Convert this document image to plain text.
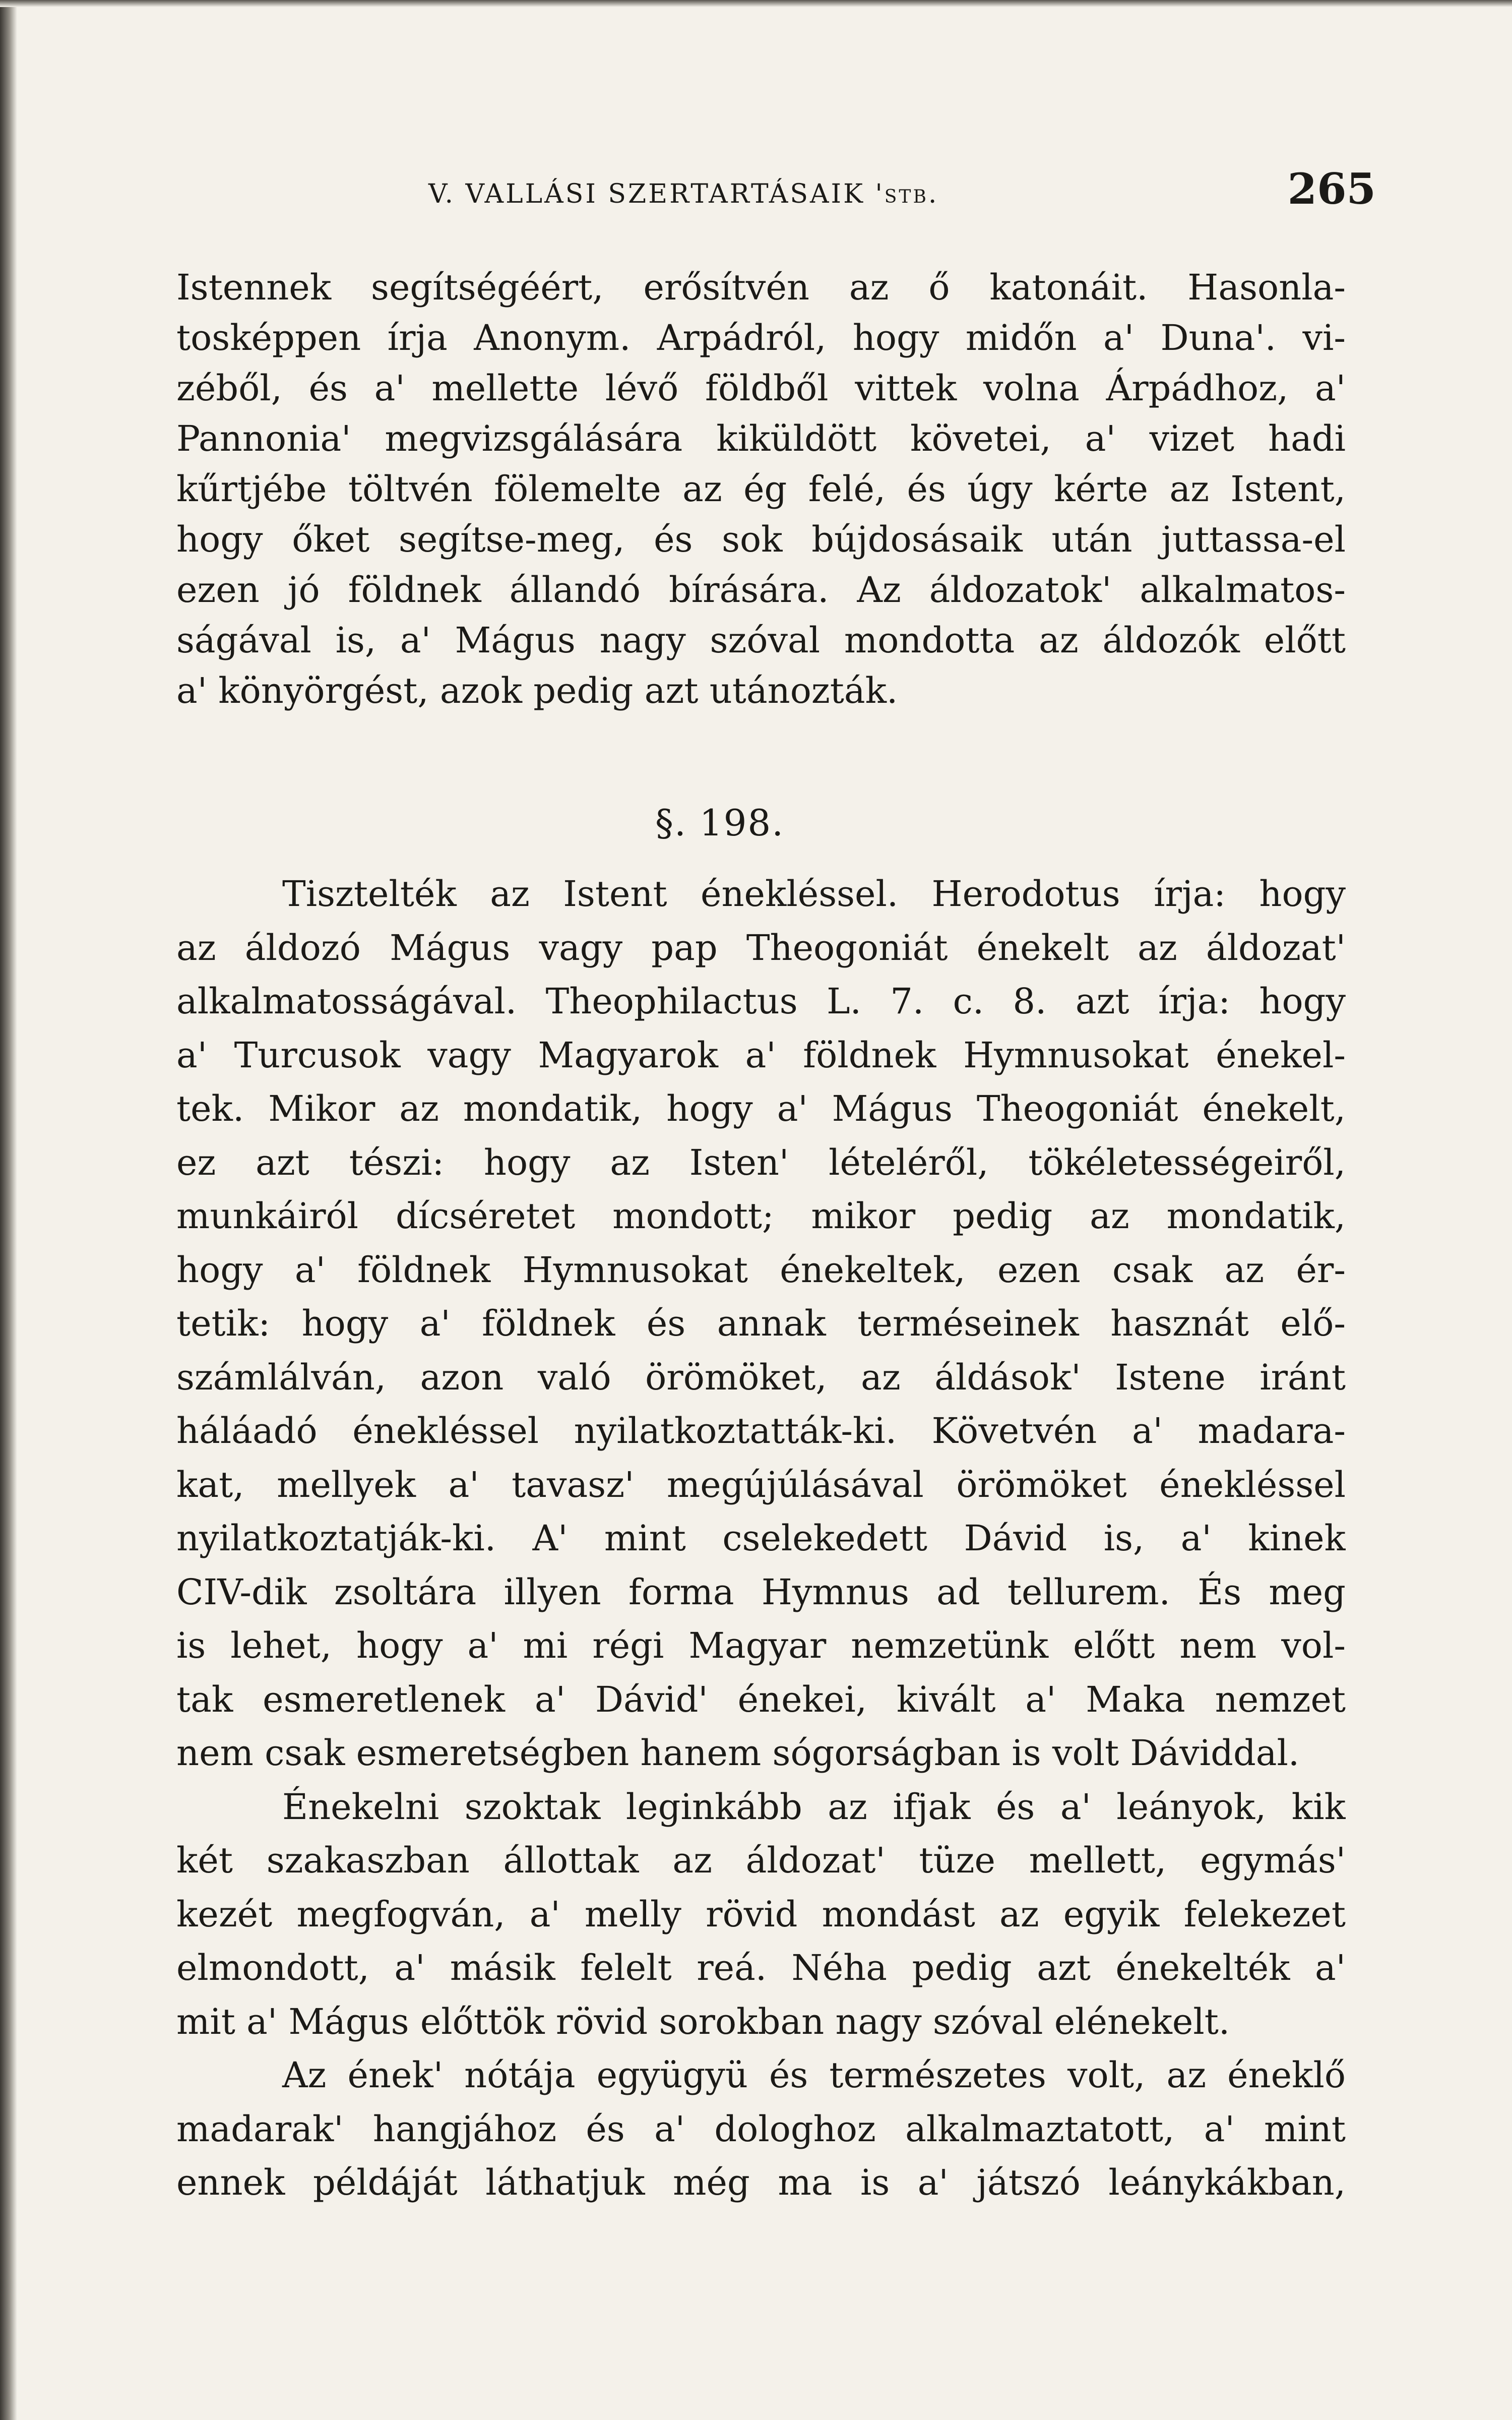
V. VALLÁSI SZERTARTÁSAIK 'stb.	265
Istennek segítségéért, erősítvén az ő katonáit. Hasonla-
tosképpen írja Anonym. Arpádról, hogy midőn a' Duna'. vi-
zéből, és a' mellette lévő földből vittek volna Árpádhoz, a'
Pannonia' megvizsgálására kiküldött követei, a' vizet hadi
kűrtjébe töltvén fölemelte az ég felé, és úgy kérte az Istent,
hogy őket segítse-meg, és sok bújdosásaik után juttassa-el
ezen jó földnek állandó bírására. Az áldozatok' alkalmatos-
ságával is, a' Mágus nagy szóval mondotta az áldozók előtt
a' könyörgést, azok pedig azt utánozták.
§. 198.
Tisztelték az Istent énekléssel. Herodotus írja: hogy
az áldozó Mágus vagy pap Theogoniát énekelt az áldozat'
alkalmatosságával. Theophilactus L. 7. c. 8. azt írja: hogy
a' Turcusok vagy Magyarok a' földnek Hymnusokat énekel-
tek. Mikor az mondatik, hogy a' Mágus Theogoniát énekelt,
ez azt tészi: hogy az Isten' lételéről, tökéletességeiről,
munkáiról dícséretet mondott; mikor pedig az mondatik,
hogy a' földnek Hymnusokat énekeltek, ezen csak az ér-
tetik: hogy a' földnek és annak terméseinek hasznát elő-
számlálván, azon való örömöket, az áldások' Istene iránt
háláadó énekléssel nyilatkoztatták-ki. Követvén a' madara-
kat, mellyek a' tavasz' megújúlásával örömöket énekléssel
nyilatkoztatják-ki. A' mint cselekedett Dávid is, a' kinek
CIV-dik zsoltára illyen forma Hymnus ad tellurem. És meg
is lehet, hogy a' mi régi Magyar nemzetünk előtt nem vol-
tak esmeretlenek a' Dávid' énekei, kivált a' Maka nemzet
nem csak esmeretségben hanem sógorságban is volt Dáviddal.
Énekelni szoktak leginkább az ifjak és a' leányok, kik
két szakaszban állottak az áldozat' tüze mellett, egymás'
kezét megfogván, a' melly rövid mondást az egyik felekezet
elmondott, a' másik felelt reá. Néha pedig azt énekelték a'
mit a' Mágus előttök rövid sorokban nagy szóval elénekelt.
Az ének' nótája együgyü és természetes volt, az éneklő
madarak' hangjához és a' dologhoz alkalmaztatott, a' mint
ennek példáját láthatjuk még ma is a' játszó leánykákban,
